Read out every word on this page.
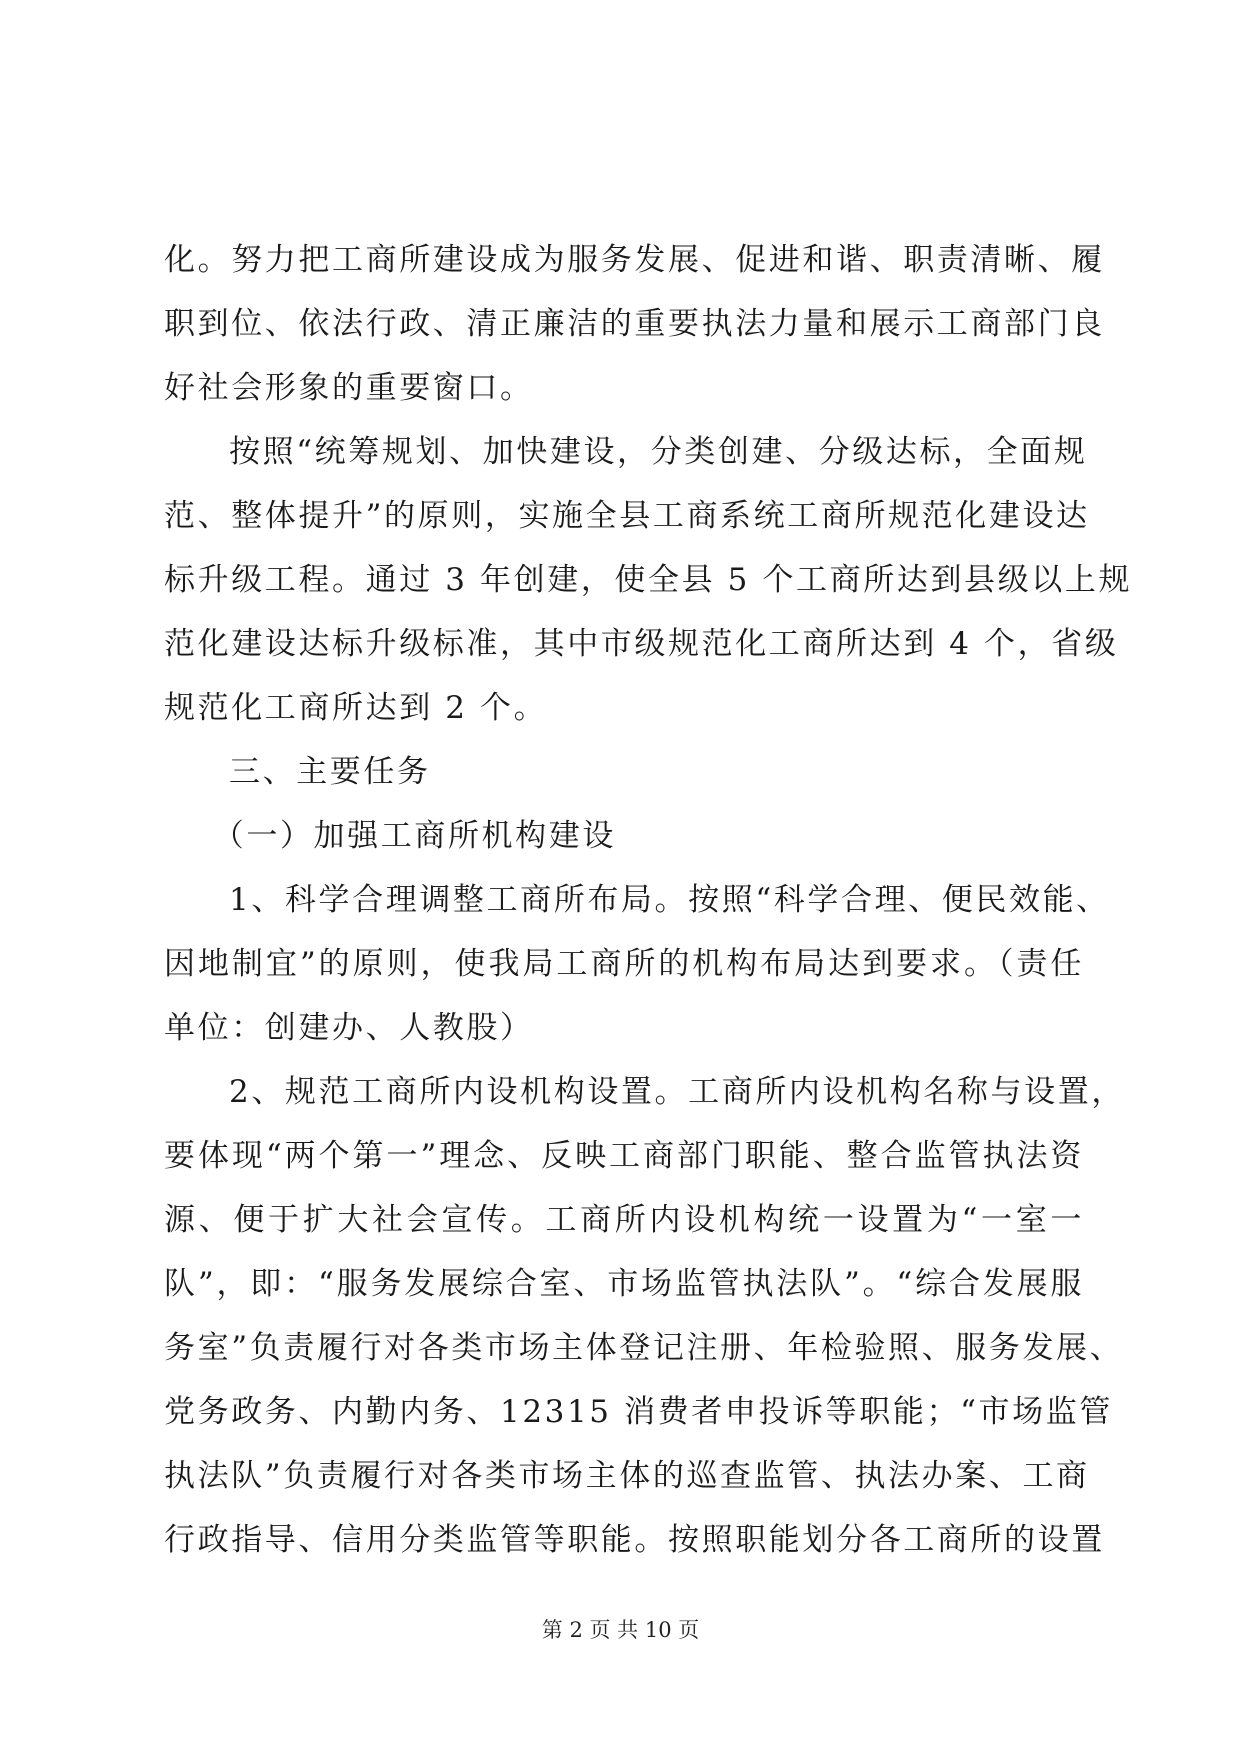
化。努力把工商所建设成为服务发展、促进和谐、职责清晰、履
职到位、依法行政、清正廉洁的重要执法力量和展示工商部门良
好社会形象的重要窗口。
按照“统筹规划、加快建设，分类创建、分级达标，全面规
范、整体提升”的原则，实施全县工商系统工商所规范化建设达
标升级工程。通过 3 年创建，使全县 5 个工商所达到县级以上规
范化建设达标升级标准，其中市级规范化工商所达到 4 个，省级
规范化工商所达到 2 个。
三、主要任务
（一）加强工商所机构建设
1、科学合理调整工商所布局。按照“科学合理、便民效能、
因地制宜”的原则，使我局工商所的机构布局达到要求。（责任
单位：创建办、人教股）
2、规范工商所内设机构设置。工商所内设机构名称与设置，
要体现“两个第一”理念、反映工商部门职能、整合监管执法资
源、便于扩大社会宣传。工商所内设机构统一设置为“一室一
队”，即：“服务发展综合室、市场监管执法队”。“综合发展服
务室”负责履行对各类市场主体登记注册、年检验照、服务发展、
党务政务、内勤内务、12315 消费者申投诉等职能；“市场监管
执法队”负责履行对各类市场主体的巡查监管、执法办案、工商
行政指导、信用分类监管等职能。按照职能划分各工商所的设置
第 2 页 共 10 页
